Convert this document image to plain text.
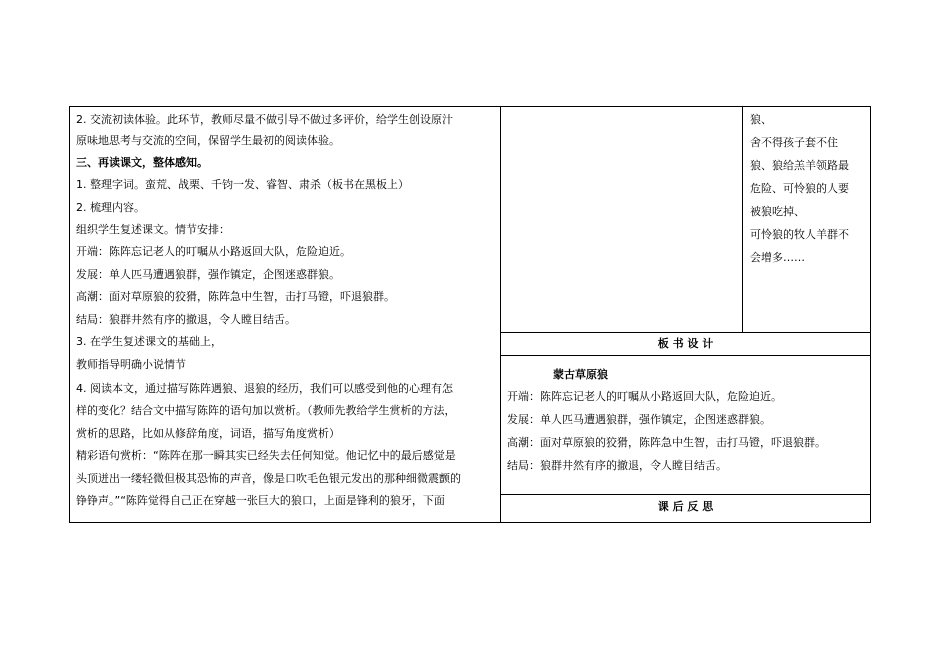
2. 交流初读体验。此环节，教师尽量不做引导不做过多评价，给学生创设原汁
原味地思考与交流的空间，保留学生最初的阅读体验。
三、再读课文，整体感知。
1. 整理字词。蛮荒、战栗、千钧一发、睿智、肃杀（板书在黑板上）
2. 梳理内容。
组织学生复述课文。情节安排：
开端：陈阵忘记老人的叮嘱从小路返回大队，危险迫近。
发展：单人匹马遭遇狼群，强作镇定，企图迷惑群狼。
高潮：面对草原狼的狡猾，陈阵急中生智，击打马镫，吓退狼群。
结局：狼群井然有序的撤退，令人瞠目结舌。
3. 在学生复述课文的基础上，
教师指导明确小说情节
4. 阅读本文，通过描写陈阵遇狼、退狼的经历，我们可以感受到他的心理有怎
样的变化？结合文中描写陈阵的语句加以赏析。（教师先教给学生赏析的方法，
赏析的思路，比如从修辞角度，词语，描写角度赏析）
精彩语句赏析：“陈阵在那一瞬其实已经失去任何知觉。他记忆中的最后感觉是
头顶迸出一缕轻微但极其恐怖的声音，像是口吹毛色银元发出的那种细微震颤的
铮铮声。”“陈阵觉得自己正在穿越一张巨大的狼口，上面是锋利的狼牙，下面
狼、
舍不得孩子套不住
狼、狼给羔羊领路最
危险、可怜狼的人要
被狼吃掉、
可怜狼的牧人羊群不
会增多……
板 书 设 计
蒙古草原狼
开端：陈阵忘记老人的叮嘱从小路返回大队，危险迫近。
发展：单人匹马遭遇狼群，强作镇定，企图迷惑群狼。
高潮：面对草原狼的狡猾，陈阵急中生智，击打马镫，吓退狼群。
结局：狼群井然有序的撤退，令人瞠目结舌。
课 后 反 思
